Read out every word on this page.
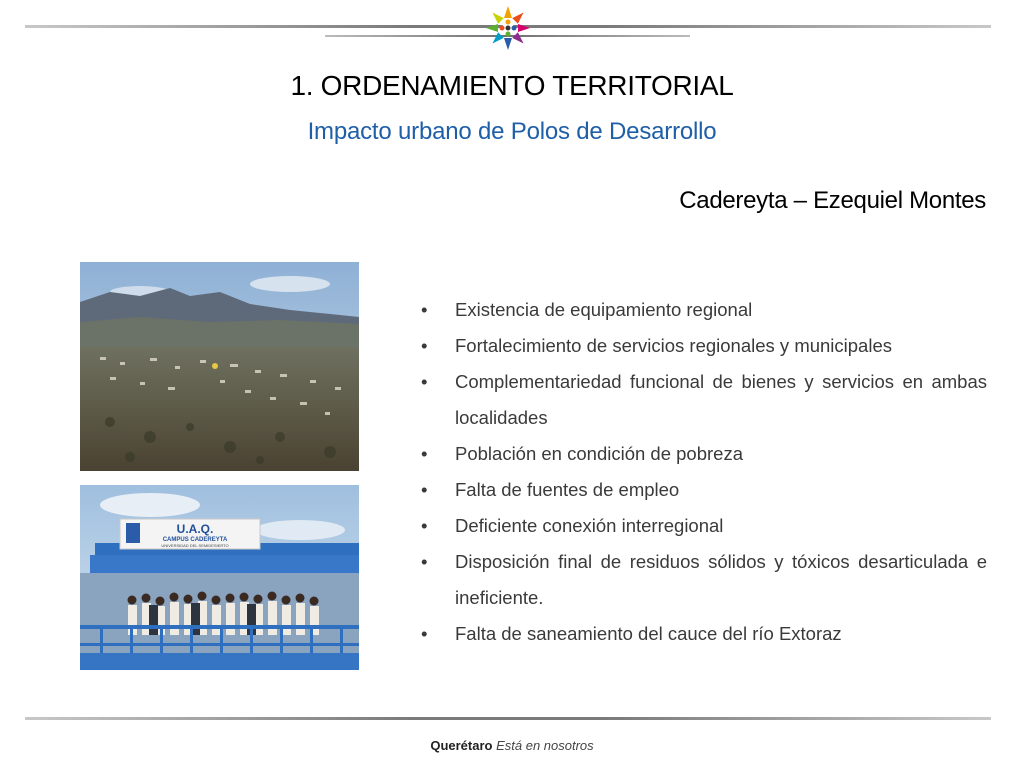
1. ORDENAMIENTO TERRITORIAL
Impacto urbano de Polos de Desarrollo
Cadereyta – Ezequiel Montes
U.A.Q.
CAMPUS CADEREYTA
UNIVERSIDAD DEL SEMIDESIERTO
• Existencia de equipamiento regional
• Fortalecimiento de servicios regionales y municipales
• Complementariedad funcional de bienes y servicios en ambas localidades
• Población en condición de pobreza
• Falta de fuentes de empleo
• Deficiente conexión interregional
• Disposición final de residuos sólidos y tóxicos desarticulada e ineficiente.
• Falta de saneamiento del cauce del río Extoraz
Querétaro Está en nosotros
